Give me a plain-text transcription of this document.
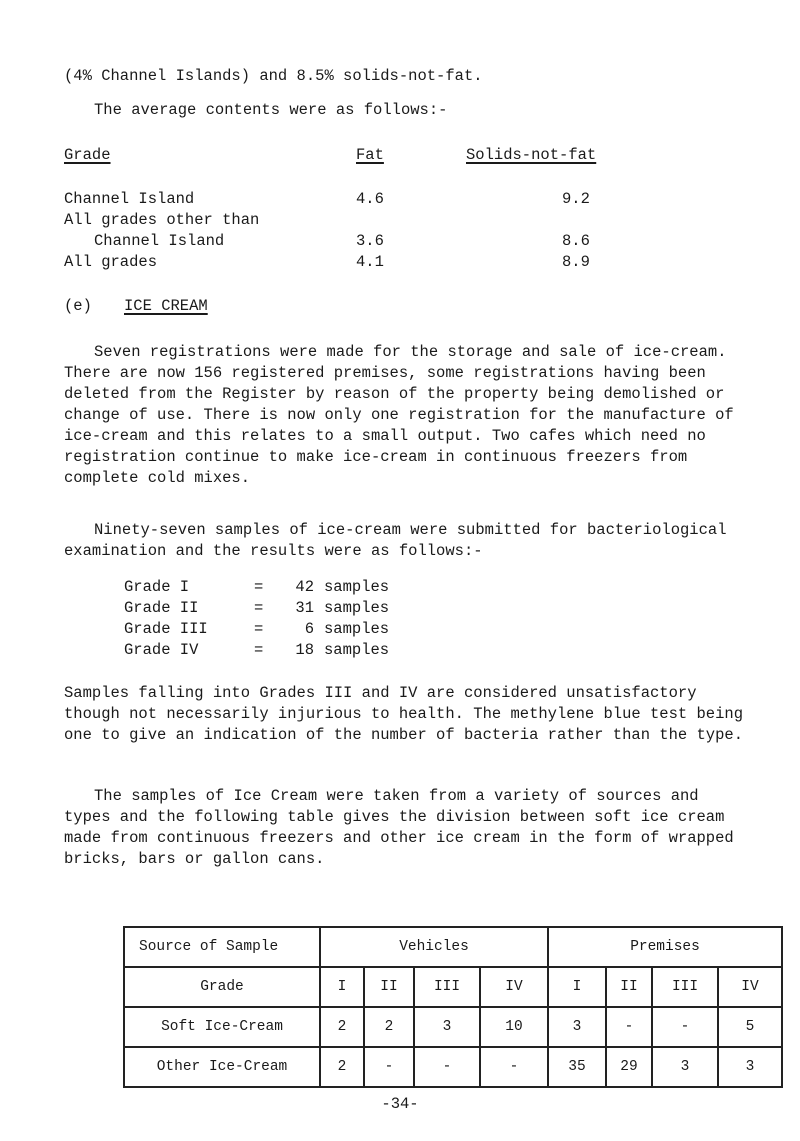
(4% Channel Islands) and 8.5% solids-not-fat.
The average contents were as follows:-
Grade	Fat	Solids-not-fat
Channel Island	4.6	9.2
All grades other than
Channel Island	3.6	8.6
All grades	4.1	8.9
(e) ICE CREAM
Seven registrations were made for the storage and sale of ice-cream. There are now 156 registered premises, some registrations having been deleted from the Register by reason of the property being demolished or change of use. There is now only one registration for the manufacture of ice-cream and this relates to a small output. Two cafes which need no registration continue to make ice-cream in continuous freezers from complete cold mixes.
Ninety-seven samples of ice-cream were submitted for bacteriological examination and the results were as follows:-
Grade I	=	42 samples
Grade II	=	31 samples
Grade III	=	6 samples
Grade IV	=	18 samples
Samples falling into Grades III and IV are considered unsatisfactory though not necessarily injurious to health. The methylene blue test being one to give an indication of the number of bacteria rather than the type.
The samples of Ice Cream were taken from a variety of sources and types and the following table gives the division between soft ice cream made from continuous freezers and other ice cream in the form of wrapped bricks, bars or gallon cans.
Source of Sample	Vehicles				Premises			
Grade	I	II	III	IV	I	II	III	IV
Soft Ice-Cream	2	2	3	10	3	-	-	5
Other Ice-Cream	2	-	-	-	35	29	3	3
-34-
